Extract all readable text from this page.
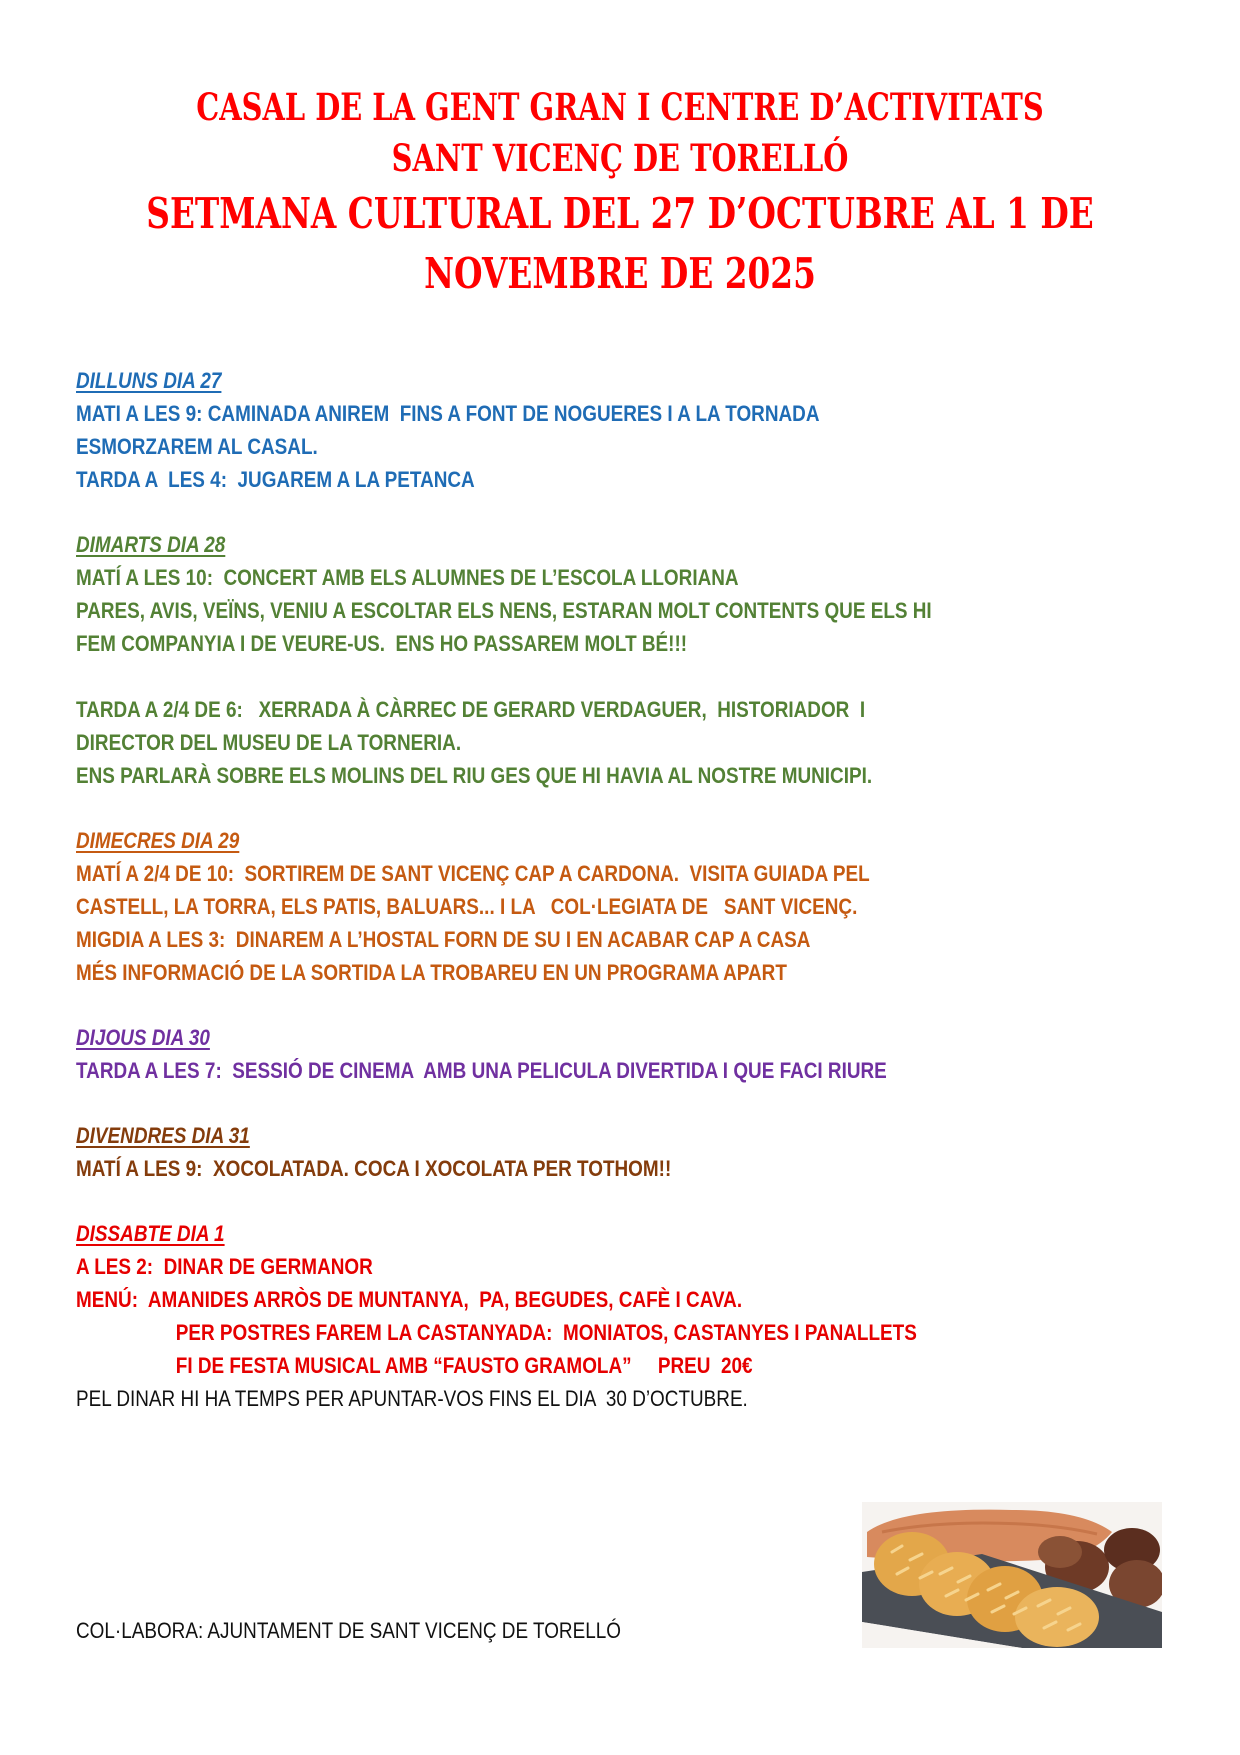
CASAL DE LA GENT GRAN I CENTRE D’ACTIVITATS
SANT VICENÇ DE TORELLÓ
SETMANA CULTURAL DEL 27 D’OCTUBRE AL 1 DE
NOVEMBRE DE 2025
DILLUNS DIA 27
MATI A LES 9: CAMINADA ANIREM  FINS A FONT DE NOGUERES I A LA TORNADA
ESMORZAREM AL CASAL.
TARDA A  LES 4:  JUGAREM A LA PETANCA
DIMARTS DIA 28
MATÍ A LES 10:  CONCERT AMB ELS ALUMNES DE L’ESCOLA LLORIANA
PARES, AVIS, VEÏNS, VENIU A ESCOLTAR ELS NENS, ESTARAN MOLT CONTENTS QUE ELS HI
FEM COMPANYIA I DE VEURE-US.  ENS HO PASSAREM MOLT BÉ!!!
TARDA A 2/4 DE 6:   XERRADA À CÀRREC DE GERARD VERDAGUER,  HISTORIADOR  I
DIRECTOR DEL MUSEU DE LA TORNERIA.
ENS PARLARÀ SOBRE ELS MOLINS DEL RIU GES QUE HI HAVIA AL NOSTRE MUNICIPI.
DIMECRES DIA 29
MATÍ A 2/4 DE 10:  SORTIREM DE SANT VICENÇ CAP A CARDONA.  VISITA GUIADA PEL
CASTELL, LA TORRA, ELS PATIS, BALUARS... I LA   COL·LEGIATA DE   SANT VICENÇ.
MIGDIA A LES 3:  DINAREM A L’HOSTAL FORN DE SU I EN ACABAR CAP A CASA
MÉS INFORMACIÓ DE LA SORTIDA LA TROBAREU EN UN PROGRAMA APART
DIJOUS DIA 30
TARDA A LES 7:  SESSIÓ DE CINEMA  AMB UNA PELICULA DIVERTIDA I QUE FACI RIURE
DIVENDRES DIA 31
MATÍ A LES 9:  XOCOLATADA. COCA I XOCOLATA PER TOTHOM!!
DISSABTE DIA 1
A LES 2:  DINAR DE GERMANOR
MENÚ:  AMANIDES ARRÒS DE MUNTANYA,  PA, BEGUDES, CAFÈ I CAVA.
PER POSTRES FAREM LA CASTANYADA:  MONIATOS, CASTANYES I PANALLETS
FI DE FESTA MUSICAL AMB “FAUSTO GRAMOLA”     PREU  20€
PEL DINAR HI HA TEMPS PER APUNTAR-VOS FINS EL DIA  30 D’OCTUBRE.
COL·LABORA: AJUNTAMENT DE SANT VICENÇ DE TORELLÓ
